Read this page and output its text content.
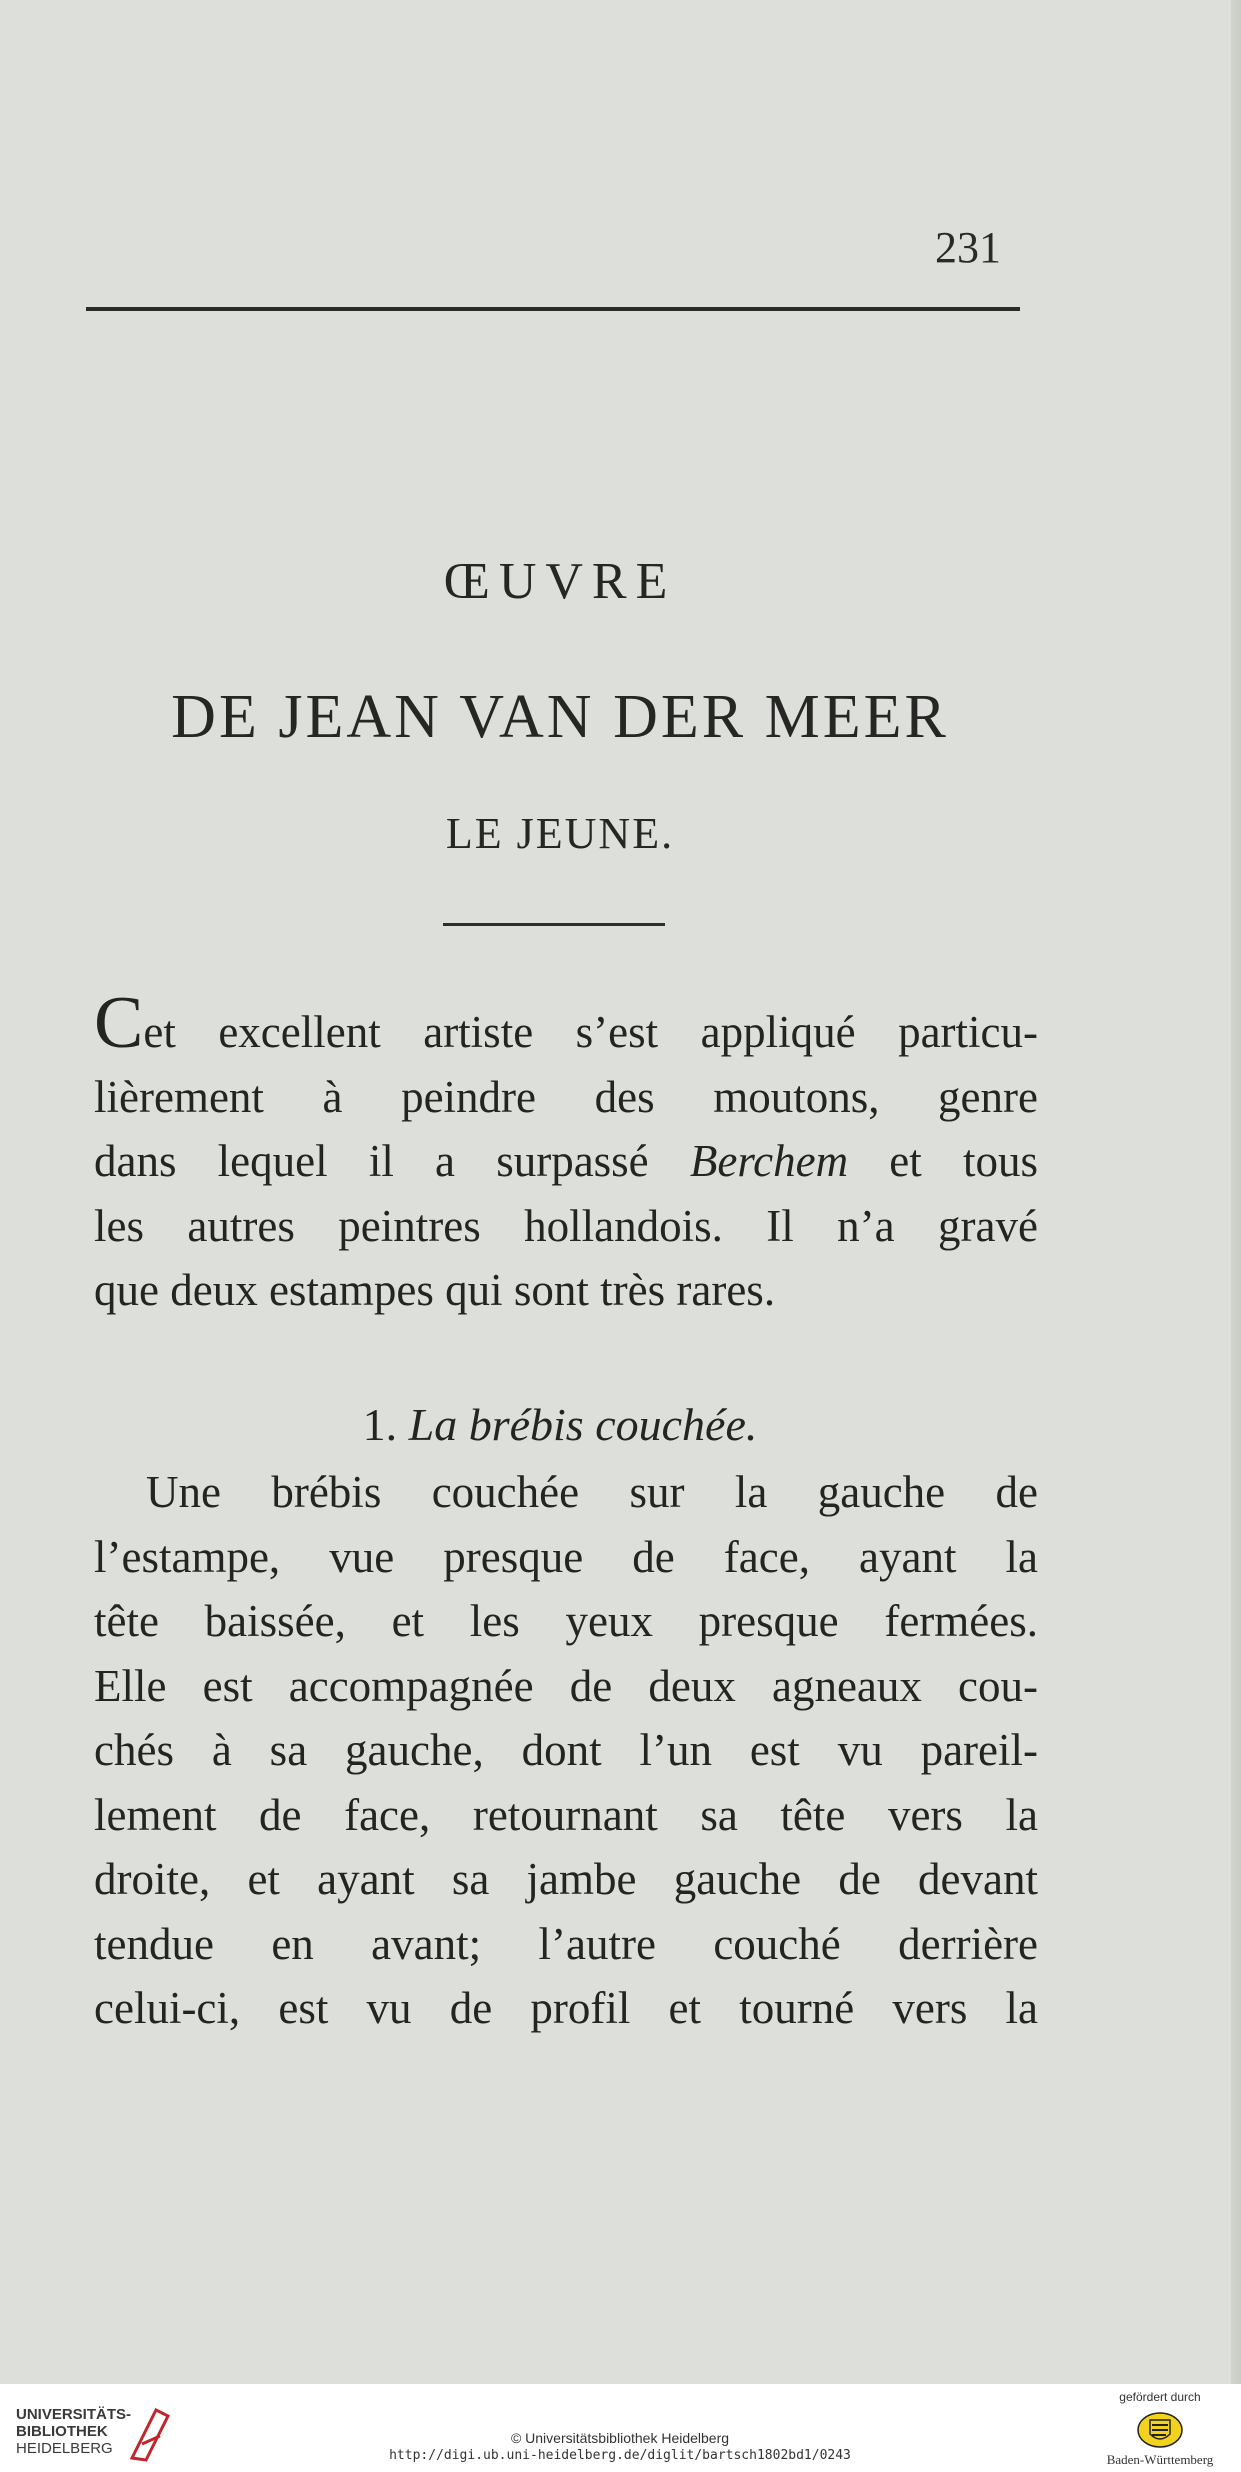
231
ŒUVRE
DE JEAN VAN DER MEER
LE JEUNE.
Cet excellent artiste s’est appliqué particu-
lièrement à peindre des moutons, genre
dans lequel il a surpassé Berchem et tous
les autres peintres hollandois. Il n’a gravé
que deux estampes qui sont très rares.
1. La brébis couchée.
Une brébis couchée sur la gauche de
l’estampe, vue presque de face, ayant la
tête baissée, et les yeux presque fermées.
Elle est accompagnée de deux agneaux cou-
chés à sa gauche, dont l’un est vu pareil-
lement de face, retournant sa tête vers la
droite, et ayant sa jambe gauche de devant
tendue en avant; l’autre couché derrière
celui-ci, est vu de profil et tourné vers la
UNIVERSITÄTS-
BIBLIOTHEK
HEIDELBERG
© Universitätsbibliothek Heidelberg
http://digi.ub.uni-heidelberg.de/diglit/bartsch1802bd1/0243
gefördert durch
Baden-Württemberg
